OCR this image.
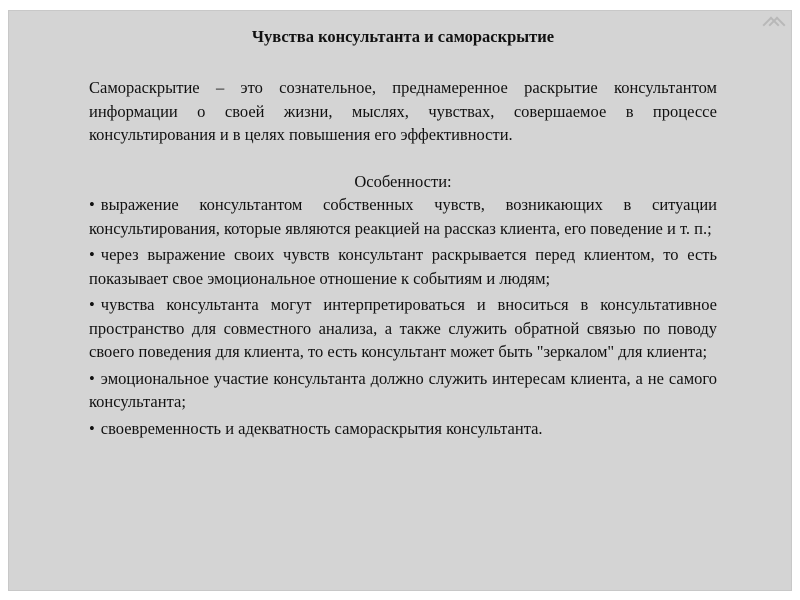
Чувства консультанта и самораскрытие

Самораскрытие – это сознательное, преднамеренное раскрытие консультантом информации о своей жизни, мыслях, чувствах, совершаемое в процессе консультирования и в целях повышения его эффективности.

Особенности:

• выражение консультантом собственных чувств, возникающих в ситуации консультирования, которые являются реакцией на рассказ клиента, его поведение и т. п.;

• через выражение своих чувств консультант раскрывается перед клиентом, то есть показывает свое эмоциональное отношение к событиям и людям;

• чувства консультанта могут интерпретироваться и вноситься в консультативное пространство для совместного анализа, а также служить обратной связью по поводу своего поведения для клиента, то есть консультант может быть "зеркалом" для клиента;

• эмоциональное участие консультанта должно служить интересам клиента, а не самого консультанта;

• своевременность и адекватность самораскрытия консультанта.
